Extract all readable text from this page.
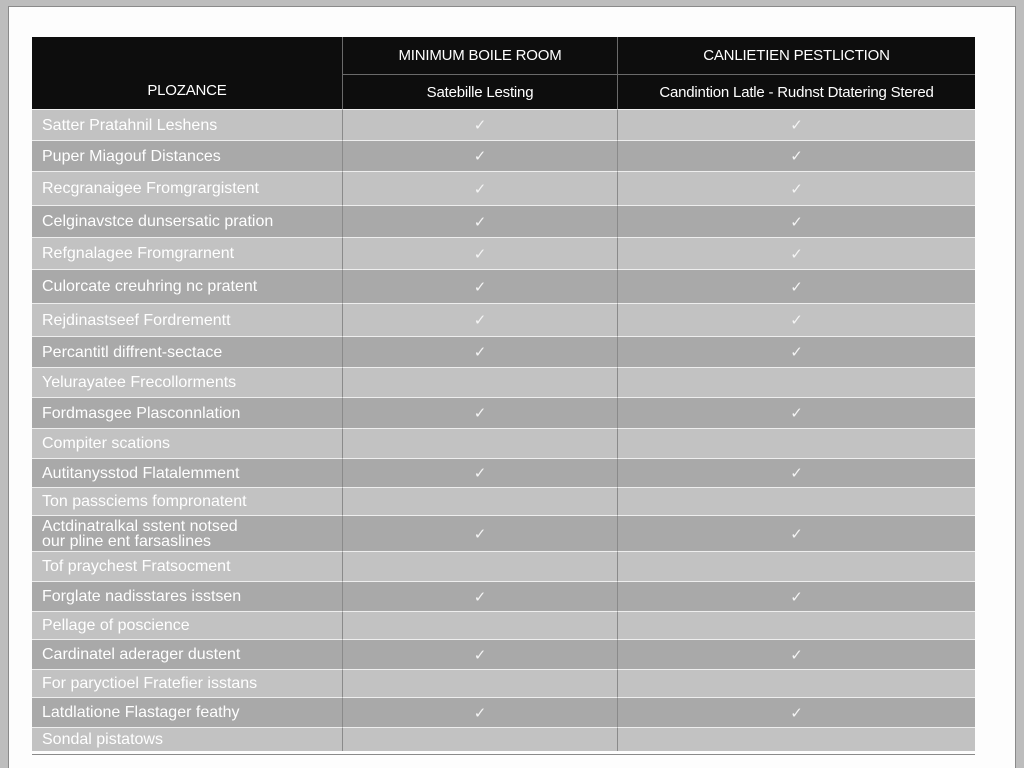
PLOZANCE
MINIMUM BOILE ROOM	CANLIETIEN PESTLICTION
Satebille Lesting	Candintion Latle - Rudnst Dtatering Stered
Satter Pratahnil Leshens	✓	✓
Puper Miagouf Distances	✓	✓
Recgranaigee Fromgrargistent	✓	✓
Celginavstce dunsersatic pration	✓	✓
Refgnalagee Fromgrarnent	✓	✓
Culorcate creuhring nc pratent	✓	✓
Rejdinastseef Fordrementt	✓	✓
Percantitl diffrent-sectace	✓	✓
Yelurayatee Frecollorments
Fordmasgee Plasconnlation	✓	✓
Compiter scations
Autitanysstod Flatalemment	✓	✓
Ton passciems fompronatent
Actdinatralkal sstent notsed
our pline ent farsaslines	✓	✓
Tof praychest Fratsocment
Forglate nadisstares isstsen	✓	✓
Pellage of poscience
Cardinatel aderager dustent	✓	✓
For paryctioel Fratefier isstans
Latdlatione Flastager feathy	✓	✓
Sondal pistatows
